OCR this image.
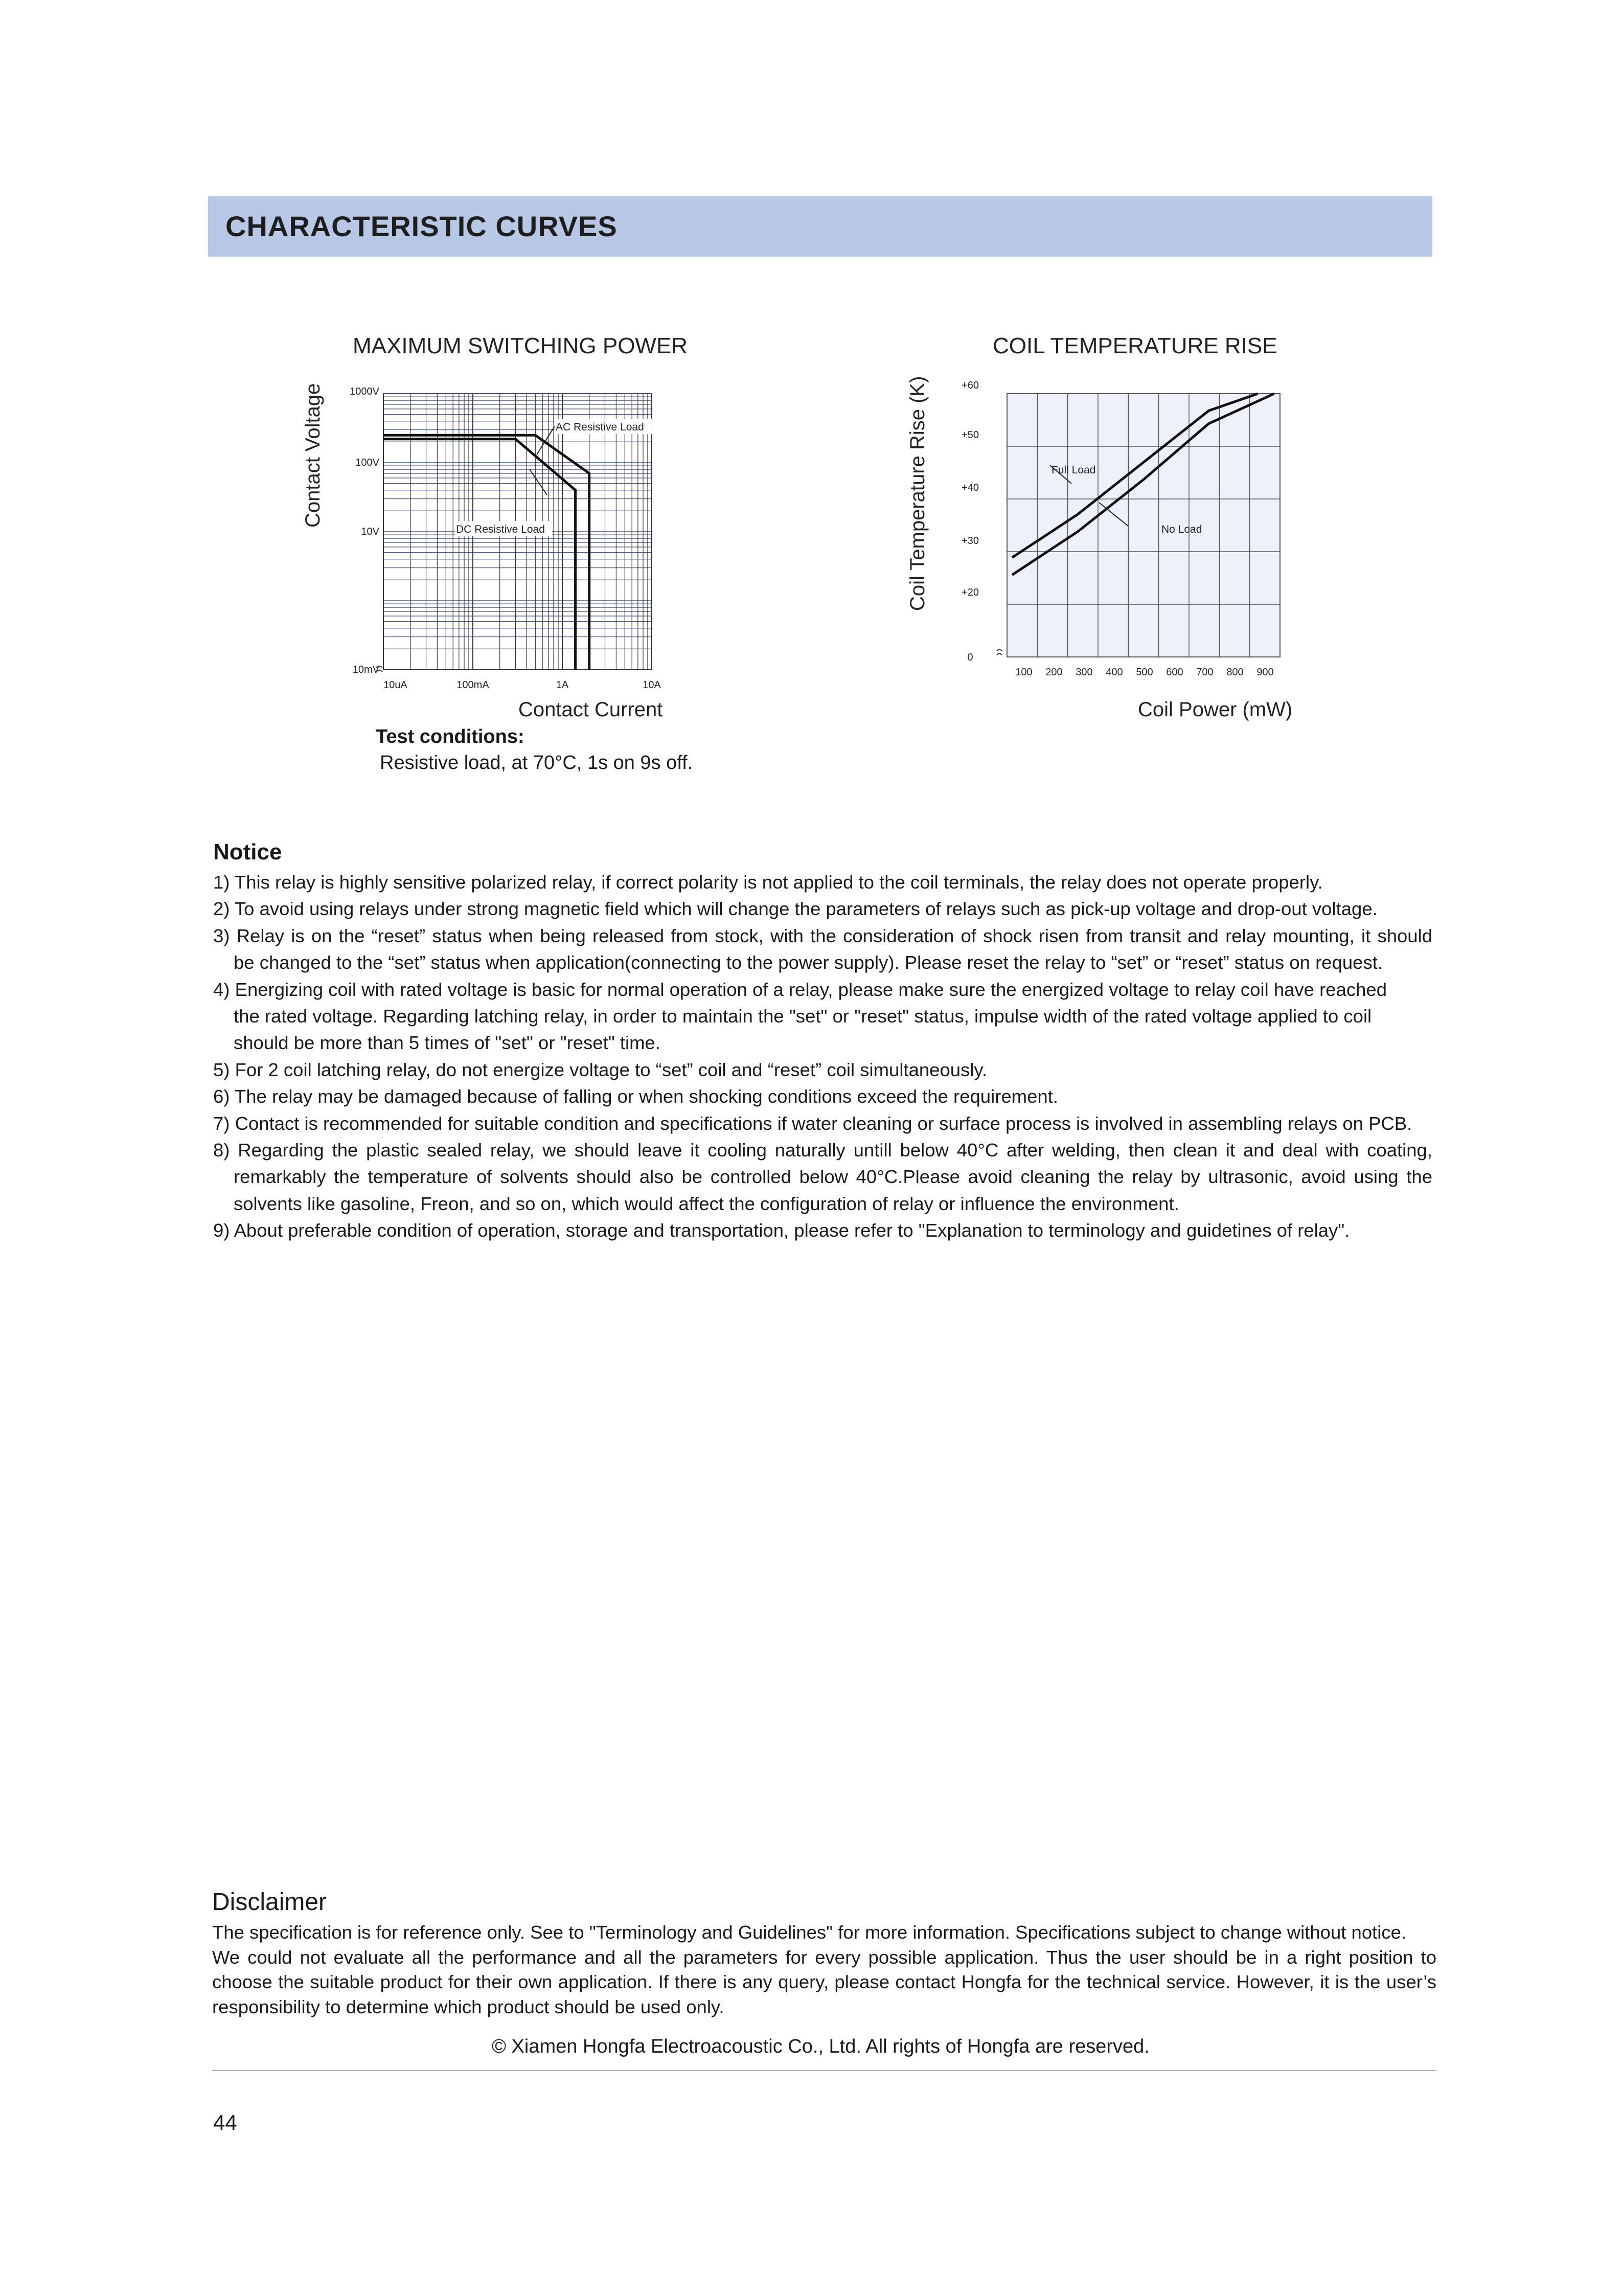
CHARACTERISTIC CURVES
MAXIMUM SWITCHING POWER	COIL TEMPERATURE RISE
Contact Voltage	Coil Temperature Rise (K)
10uA	100mA	1A	10A
1000V
100V
10V
10mV
AC Resistive Load
DC Resistive Load
100 200 300 400 500 600 700 800 900
+60
+50
+40
+30
+20
0
Full Load
No Load
Contact Current	Coil Power (mW)
Test conditions:
Resistive load, at 70°C, 1s on 9s off.
Notice
1) This relay is highly sensitive polarized relay, if correct polarity is not applied to the coil terminals, the relay does not operate properly.
2) To avoid using relays under strong magnetic field which will change the parameters of relays such as pick-up voltage and drop-out voltage.
3) Relay is on the “reset” status when being released from stock, with the consideration of shock risen from transit and relay mounting, it should
be changed to the “set” status when application(connecting to the power supply). Please reset the relay to “set” or “reset” status on request.
4) Energizing coil with rated voltage is basic for normal operation of a relay, please make sure the energized voltage to relay coil have reached
the rated voltage. Regarding latching relay, in order to maintain the "set" or "reset" status, impulse width of the rated voltage applied to coil
should be more than 5 times of "set" or "reset" time.
5) For 2 coil latching relay, do not energize voltage to “set” coil and “reset” coil simultaneously.
6) The relay may be damaged because of falling or when shocking conditions exceed the requirement.
7) Contact is recommended for suitable condition and specifications if water cleaning or surface process is involved in assembling relays on PCB.
8) Regarding the plastic sealed relay, we should leave it cooling naturally untill below 40°C after welding, then clean it and deal with coating,
remarkably the temperature of solvents should also be controlled below 40°C.Please avoid cleaning the relay by ultrasonic, avoid using the
solvents like gasoline, Freon, and so on, which would affect the configuration of relay or influence the environment.
9) About preferable condition of operation, storage and transportation, please refer to "Explanation to terminology and guidetines of relay".
Disclaimer
The specification is for reference only. See to "Terminology and Guidelines" for more information. Specifications subject to change without notice.
We could not evaluate all the performance and all the parameters for every possible application. Thus the user should be in a right position to
choose the suitable product for their own application. If there is any query, please contact Hongfa for the technical service. However, it is the user’s
responsibility to determine which product should be used only.
© Xiamen Hongfa Electroacoustic Co., Ltd. All rights of Hongfa are reserved.
44
